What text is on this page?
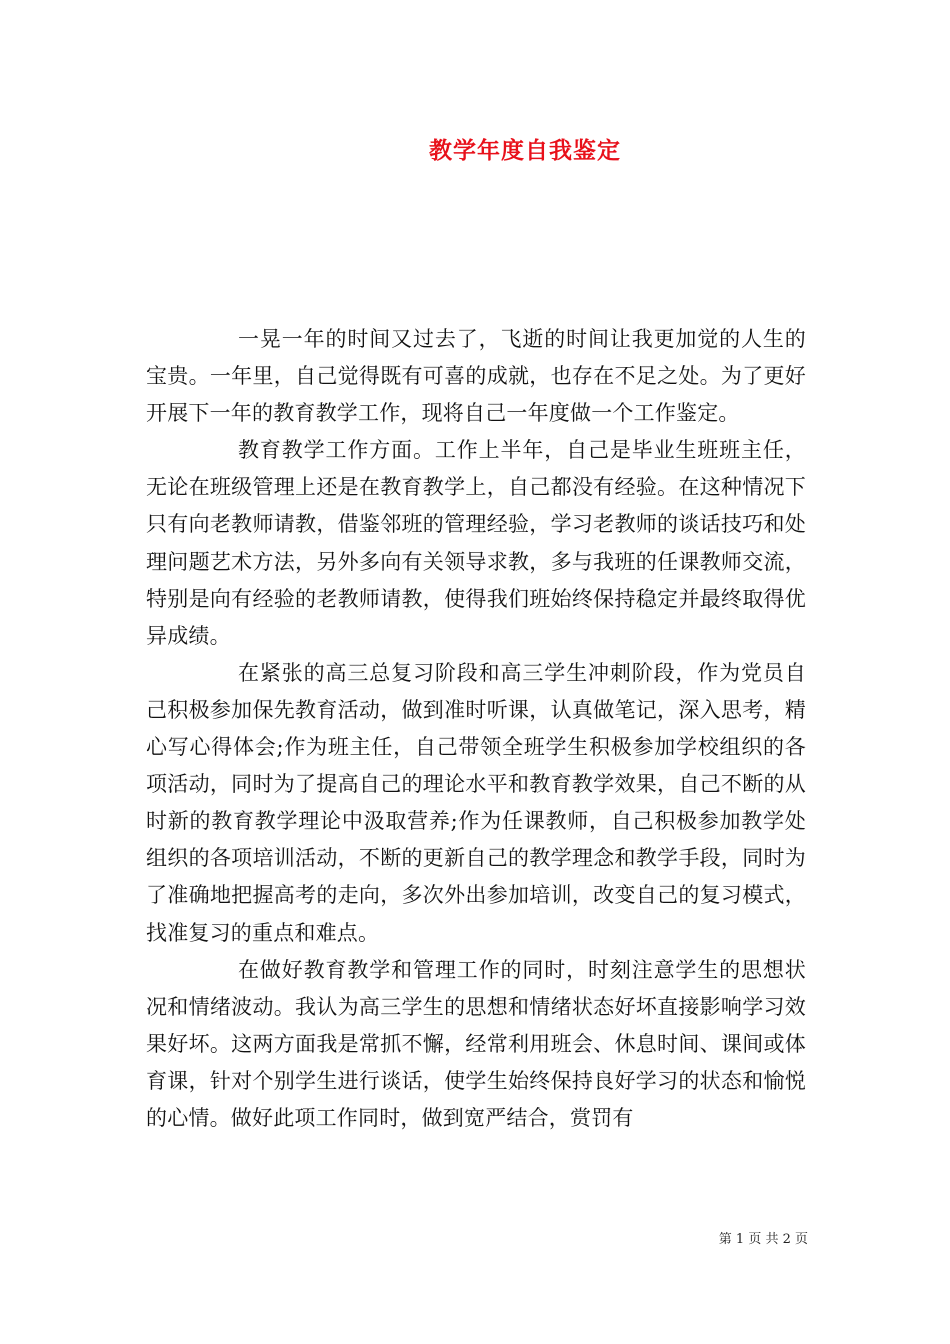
教学年度自我鉴定

一晃一年的时间又过去了，飞逝的时间让我更加觉的人生的宝贵。一年里，自己觉得既有可喜的成就，也存在不足之处。为了更好开展下一年的教育教学工作，现将自己一年度做一个工作鉴定。

教育教学工作方面。工作上半年，自己是毕业生班班主任，无论在班级管理上还是在教育教学上，自己都没有经验。在这种情况下只有向老教师请教，借鉴邻班的管理经验，学习老教师的谈话技巧和处理问题艺术方法，另外多向有关领导求教，多与我班的任课教师交流，特别是向有经验的老教师请教，使得我们班始终保持稳定并最终取得优异成绩。

在紧张的高三总复习阶段和高三学生冲刺阶段，作为党员自己积极参加保先教育活动，做到准时听课，认真做笔记，深入思考，精心写心得体会;作为班主任，自己带领全班学生积极参加学校组织的各项活动，同时为了提高自己的理论水平和教育教学效果，自己不断的从时新的教育教学理论中汲取营养;作为任课教师，自己积极参加教学处组织的各项培训活动，不断的更新自己的教学理念和教学手段，同时为了准确地把握高考的走向，多次外出参加培训，改变自己的复习模式，找准复习的重点和难点。

在做好教育教学和管理工作的同时，时刻注意学生的思想状况和情绪波动。我认为高三学生的思想和情绪状态好坏直接影响学习效果好坏。这两方面我是常抓不懈，经常利用班会、休息时间、课间或体育课，针对个别学生进行谈话，使学生始终保持良好学习的状态和愉悦的心情。做好此项工作同时，做到宽严结合，赏罚有

第 1 页 共 2 页
